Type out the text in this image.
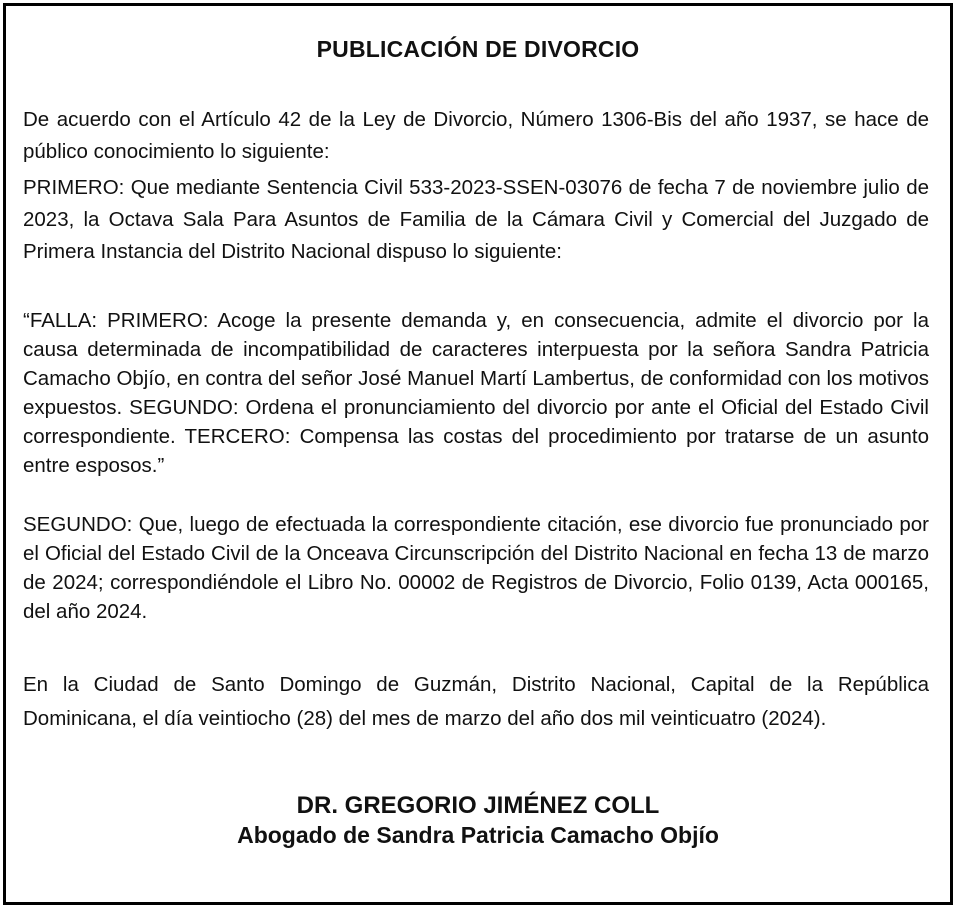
PUBLICACIÓN DE DIVORCIO

De acuerdo con el Artículo 42 de la Ley de Divorcio, Número 1306-Bis del año 1937, se hace de público conocimiento lo siguiente:

PRIMERO: Que mediante Sentencia Civil 533-2023-SSEN-03076 de fecha 7 de noviembre julio de 2023, la Octava Sala Para Asuntos de Familia de la Cámara Civil y Comercial del Juzgado de Primera Instancia del Distrito Nacional dispuso lo siguiente:

“FALLA: PRIMERO: Acoge la presente demanda y, en consecuencia, admite el divorcio por la causa determinada de incompatibilidad de caracteres interpuesta por la señora Sandra Patricia Camacho Objío, en contra del señor José Manuel Martí Lambertus, de conformidad con los motivos expuestos. SEGUNDO: Ordena el pronunciamiento del divorcio por ante el Oficial del Estado Civil correspondiente. TERCERO: Compensa las costas del procedimiento por tratarse de un asunto entre esposos.”

SEGUNDO: Que, luego de efectuada la correspondiente citación, ese divorcio fue pronunciado por el Oficial del Estado Civil de la Onceava Circunscripción del Distrito Nacional en fecha 13 de marzo de 2024; correspondiéndole el Libro No. 00002 de Registros de Divorcio, Folio 0139, Acta 000165, del año 2024.

En la Ciudad de Santo Domingo de Guzmán, Distrito Nacional, Capital de la República Dominicana, el día veintiocho (28) del mes de marzo del año dos mil veinticuatro (2024).

DR. GREGORIO JIMÉNEZ COLL
Abogado de Sandra Patricia Camacho Objío
